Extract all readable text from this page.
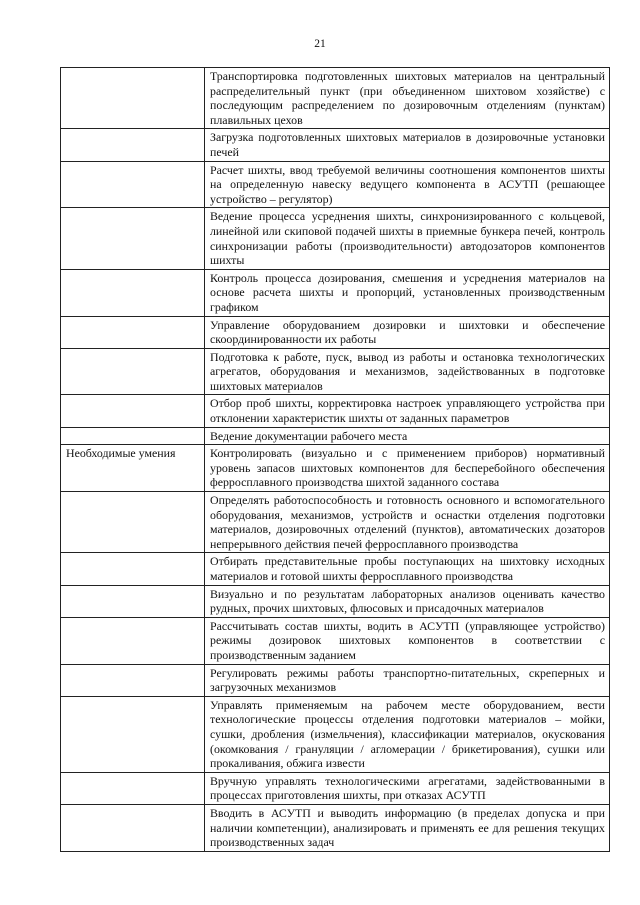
21
	Транспортировка подготовленных шихтовых материалов на центральный распределительный пункт (при объединенном шихтовом хозяйстве) с последующим распределением по дозировочным отделениям (пунктам) плавильных цехов
	Загрузка подготовленных шихтовых материалов в дозировочные установки печей
	Расчет шихты, ввод требуемой величины соотношения компонентов шихты на определенную навеску ведущего компонента в АСУТП (решающее устройство – регулятор)
	Ведение процесса усреднения шихты, синхронизированного с кольцевой, линейной или скиповой подачей шихты в приемные бункера печей, контроль синхронизации работы (производительности) автодозаторов компонентов шихты
	Контроль процесса дозирования, смешения и усреднения материалов на основе расчета шихты и пропорций, установленных производственным графиком
	Управление оборудованием дозировки и шихтовки и обеспечение скоординированности их работы
	Подготовка к работе, пуск, вывод из работы и остановка технологических агрегатов, оборудования и механизмов, задействованных в подготовке шихтовых материалов
	Отбор проб шихты, корректировка настроек управляющего устройства при отклонении характеристик шихты от заданных параметров
	Ведение документации рабочего места
Необходимые умения	Контролировать (визуально и с применением приборов) нормативный уровень запасов шихтовых компонентов для бесперебойного обеспечения ферросплавного производства шихтой заданного состава
	Определять работоспособность и готовность основного и вспомогательного оборудования, механизмов, устройств и оснастки отделения подготовки материалов, дозировочных отделений (пунктов), автоматических дозаторов непрерывного действия печей ферросплавного производства
	Отбирать представительные пробы поступающих на шихтовку исходных материалов и готовой шихты ферросплавного производства
	Визуально и по результатам лабораторных анализов оценивать качество рудных, прочих шихтовых, флюсовых и присадочных материалов
	Рассчитывать состав шихты, водить в АСУТП (управляющее устройство) режимы дозировок шихтовых компонентов в соответствии с производственным заданием
	Регулировать режимы работы транспортно-питательных, скреперных и загрузочных механизмов
	Управлять применяемым на рабочем месте оборудованием, вести технологические процессы отделения подготовки материалов – мойки, сушки, дробления (измельчения), классификации материалов, окускования (окомкования / грануляции / агломерации / брикетирования), сушки или прокаливания, обжига извести
	Вручную управлять технологическими агрегатами, задействованными в процессах приготовления шихты, при отказах АСУТП
	Вводить в АСУТП и выводить информацию (в пределах допуска и при наличии компетенции), анализировать и применять ее для решения текущих производственных задач
